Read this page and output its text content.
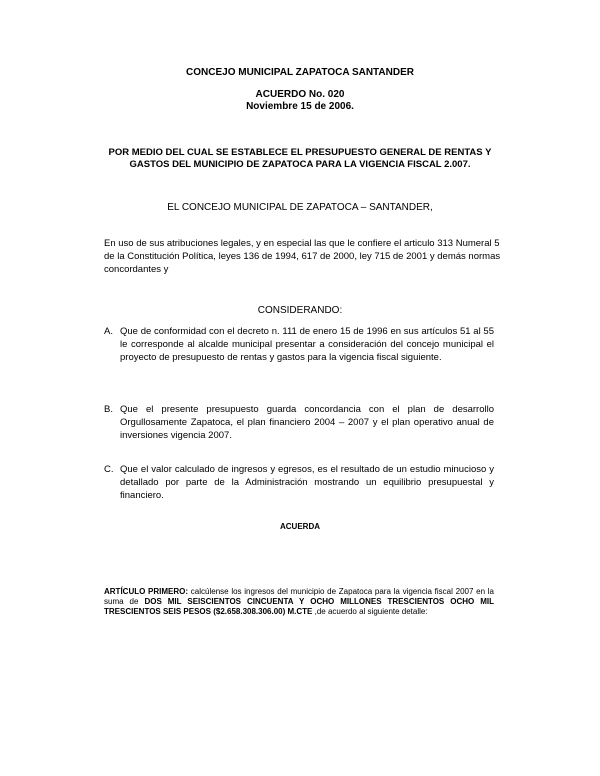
CONCEJO MUNICIPAL ZAPATOCA SANTANDER
ACUERDO No. 020
Noviembre 15 de 2006.
POR MEDIO DEL CUAL SE ESTABLECE EL PRESUPUESTO GENERAL DE RENTAS Y GASTOS DEL MUNICIPIO DE ZAPATOCA PARA LA VIGENCIA FISCAL 2.007.
EL CONCEJO MUNICIPAL DE ZAPATOCA – SANTANDER,
En uso de sus atribuciones legales, y en especial las que le confiere el articulo 313 Numeral 5 de la Constitución Política, leyes 136 de 1994, 617 de 2000, ley 715 de 2001 y demás normas concordantes y
CONSIDERANDO:
A. Que de conformidad con el decreto n. 111 de enero 15 de 1996 en sus artículos 51 al 55 le corresponde al alcalde municipal presentar a consideración del concejo municipal el proyecto de presupuesto de rentas y gastos para la vigencia fiscal siguiente.
B. Que el presente presupuesto guarda concordancia con el plan de desarrollo Orgullosamente Zapatoca, el plan financiero 2004 – 2007 y el plan operativo anual de inversiones vigencia 2007.
C. Que el valor calculado de ingresos y egresos, es el resultado de un estudio minucioso y detallado por parte de la Administración mostrando un equilibrio presupuestal y financiero.
ACUERDA
ARTÍCULO PRIMERO: calcúlense los ingresos del municipio de Zapatoca para la vigencia fiscal 2007 en la suma de DOS MIL SEISCIENTOS CINCUENTA Y OCHO MILLONES TRESCIENTOS OCHO MIL TRESCIENTOS SEIS PESOS ($2.658.308.306.00) M.CTE ,de acuerdo al siguiente detalle:
